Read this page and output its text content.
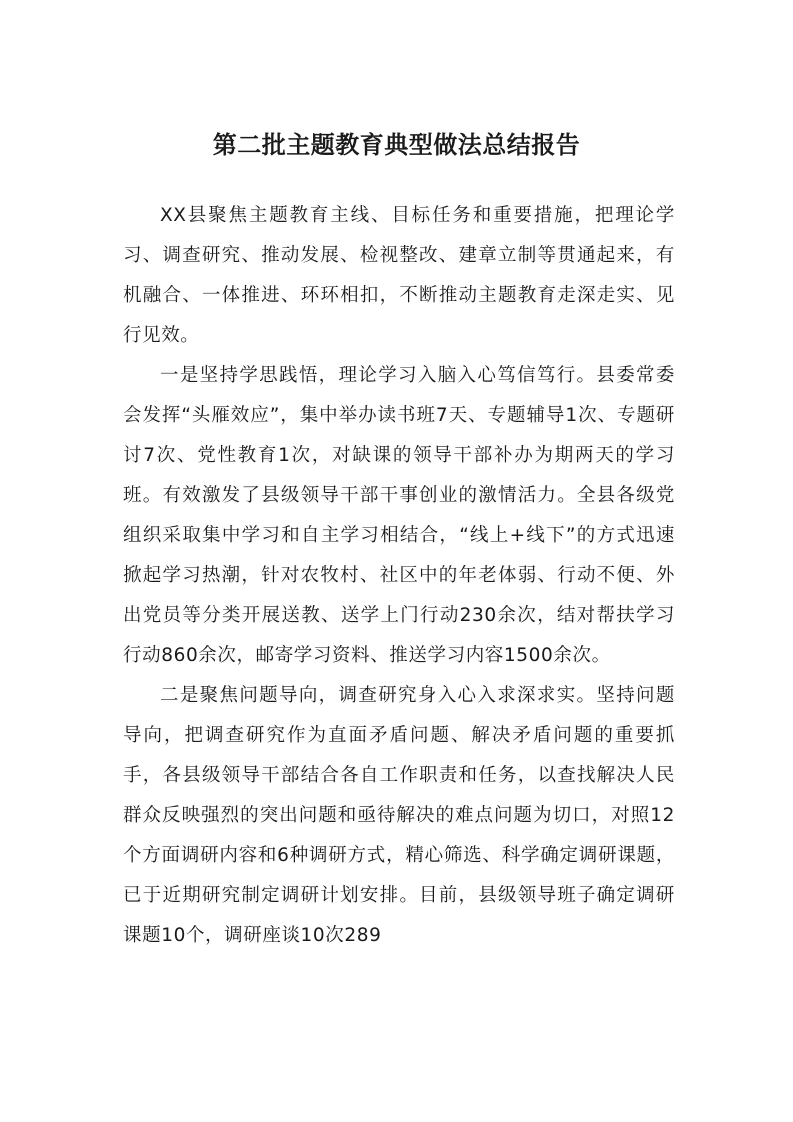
第二批主题教育典型做法总结报告

XX县聚焦主题教育主线、目标任务和重要措施，把理论学习、调查研究、推动发展、检视整改、建章立制等贯通起来，有机融合、一体推进、环环相扣，不断推动主题教育走深走实、见行见效。

一是坚持学思践悟，理论学习入脑入心笃信笃行。县委常委会发挥“头雁效应”，集中举办读书班7天、专题辅导1次、专题研讨7次、党性教育1次，对缺课的领导干部补办为期两天的学习班。有效激发了县级领导干部干事创业的激情活力。全县各级党组织采取集中学习和自主学习相结合，“线上+线下”的方式迅速掀起学习热潮，针对农牧村、社区中的年老体弱、行动不便、外出党员等分类开展送教、送学上门行动230余次，结对帮扶学习行动860余次，邮寄学习资料、推送学习内容1500余次。

二是聚焦问题导向，调查研究身入心入求深求实。坚持问题导向，把调查研究作为直面矛盾问题、解决矛盾问题的重要抓手，各县级领导干部结合各自工作职责和任务，以查找解决人民群众反映强烈的突出问题和亟待解决的难点问题为切口，对照12个方面调研内容和6种调研方式，精心筛选、科学确定调研课题，已于近期研究制定调研计划安排。目前，县级领导班子确定调研课题10个，调研座谈10次289
